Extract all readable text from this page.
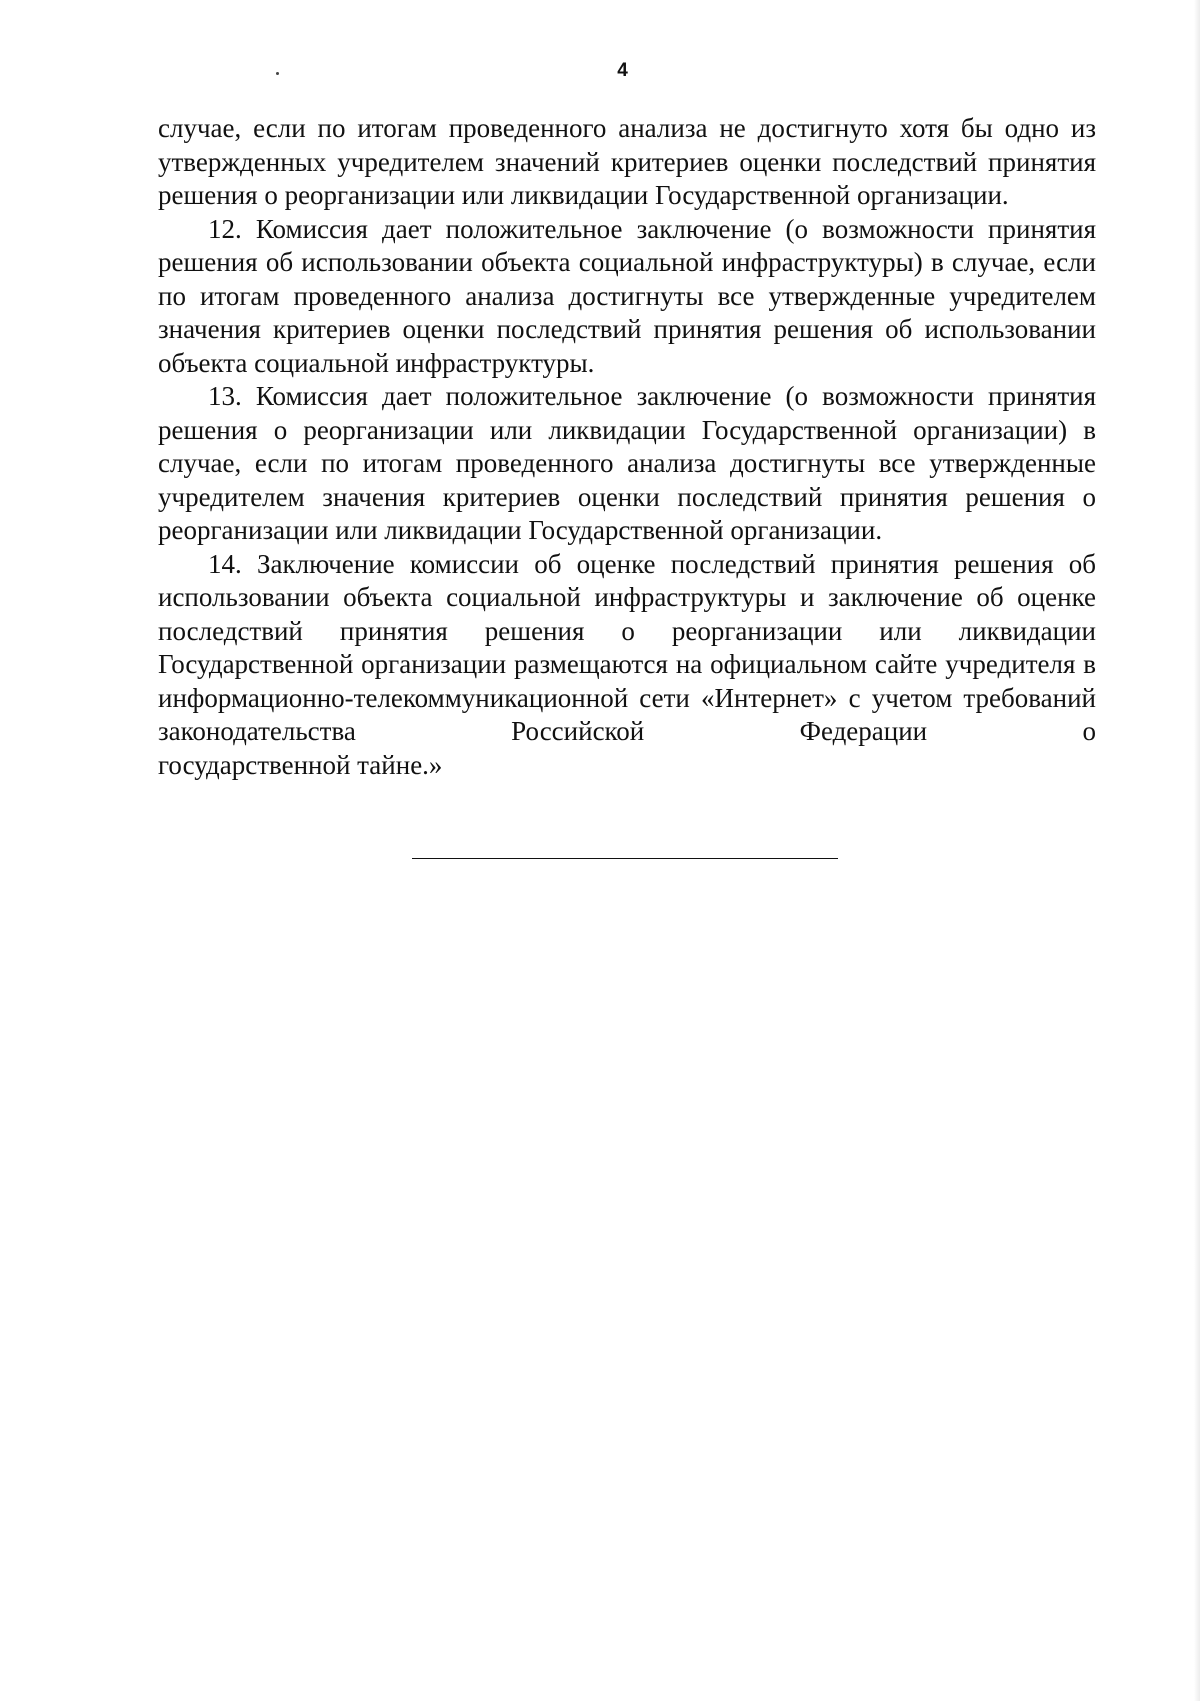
4

случае, если по итогам проведенного анализа не достигнуто хотя бы одно из утвержденных учредителем значений критериев оценки последствий принятия решения о реорганизации или ликвидации Государственной организации.

12. Комиссия дает положительное заключение (о возможности принятия решения об использовании объекта социальной инфраструктуры) в случае, если по итогам проведенного анализа достигнуты все утвержденные учредителем значения критериев оценки последствий принятия решения об использовании объекта социальной инфраструктуры.

13. Комиссия дает положительное заключение (о возможности принятия решения о реорганизации или ликвидации Государственной организации) в случае, если по итогам проведенного анализа достигнуты все утвержденные учредителем значения критериев оценки последствий принятия решения о реорганизации или ликвидации Государственной организации.

14. Заключение комиссии об оценке последствий принятия решения об использовании объекта социальной инфраструктуры и заключение об оценке последствий принятия решения о реорганизации или ликвидации Государственной организации размещаются на официальном сайте учредителя в информационно-телекоммуникационной сети «Интернет» с учетом требований законодательства Российской Федерации о

государственной тайне.»
